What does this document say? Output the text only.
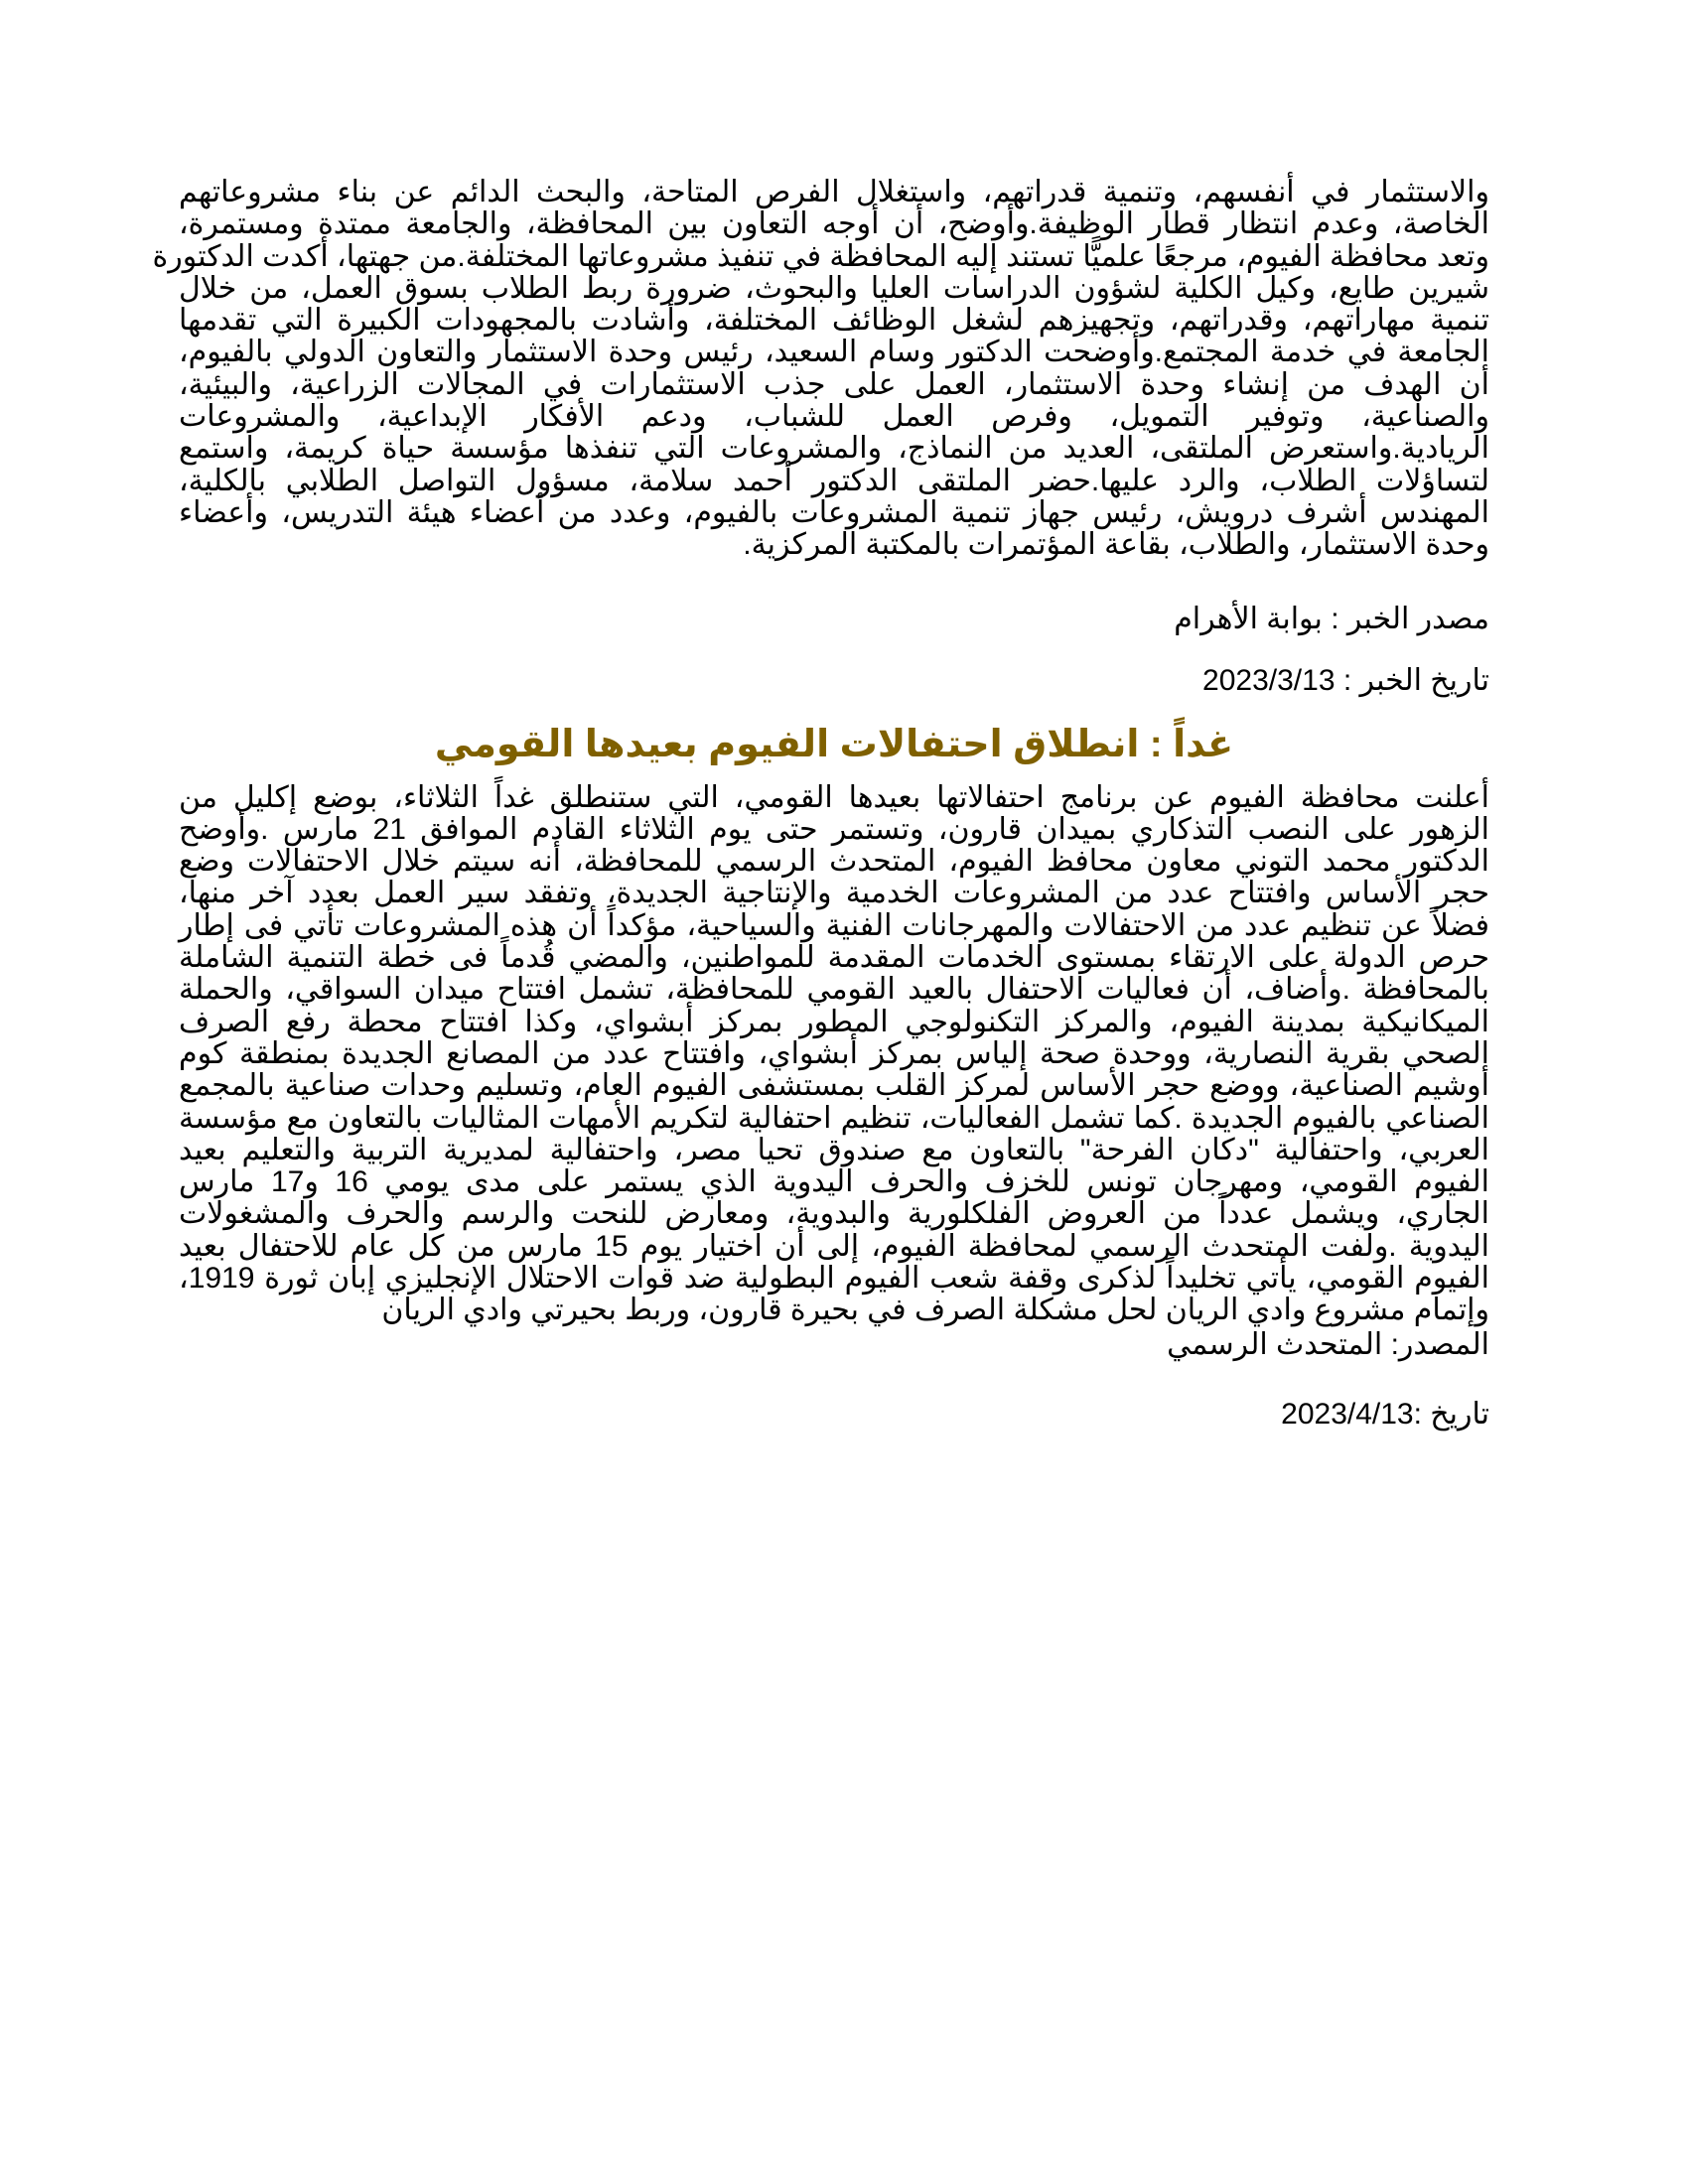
والاستثمار في أنفسهم، وتنمية قدراتهم، واستغلال الفرص المتاحة، والبحث الدائم عن بناء مشروعاتهم
الخاصة، وعدم انتظار قطار الوظيفة.وأوضح، أن أوجه التعاون بين المحافظة، والجامعة ممتدة ومستمرة،
وتعد محافظة الفيوم، مرجعًا علميًّا تستند إليه المحافظة في تنفيذ مشروعاتها المختلفة.من جهتها، أكدت الدكتورة
شيرين طايع، وكيل الكلية لشؤون الدراسات العليا والبحوث، ضرورة ربط الطلاب بسوق العمل، من خلال
تنمية مهاراتهم، وقدراتهم، وتجهيزهم لشغل الوظائف المختلفة، وأشادت بالمجهودات الكبيرة التي تقدمها
الجامعة في خدمة المجتمع.وأوضحت الدكتور وسام السعيد، رئيس وحدة الاستثمار والتعاون الدولي بالفيوم،
أن الهدف من إنشاء وحدة الاستثمار، العمل على جذب الاستثمارات في المجالات الزراعية، والبيئية،
والصناعية، وتوفير التمويل، وفرص العمل للشباب، ودعم الأفكار الإبداعية، والمشروعات
الريادية.واستعرض الملتقى، العديد من النماذج، والمشروعات التي تنفذها مؤسسة حياة كريمة، واستمع
لتساؤلات الطلاب، والرد عليها.حضر الملتقى الدكتور أحمد سلامة، مسؤول التواصل الطلابي بالكلية،
المهندس أشرف درويش، رئيس جهاز تنمية المشروعات بالفيوم، وعدد من أعضاء هيئة التدريس، وأعضاء
وحدة الاستثمار، والطلاب، بقاعة المؤتمرات بالمكتبة المركزية.

مصدر الخبر : بوابة الأهرام

تاريخ الخبر : 2023/3/13

غداً : انطلاق احتفالات الفيوم بعيدها القومي
أعلنت محافظة الفيوم عن برنامج احتفالاتها بعيدها القومي، التي ستنطلق غداً الثلاثاء، بوضع إكليل من
الزهور على النصب التذكاري بميدان قارون، وتستمر حتى يوم الثلاثاء القادم الموافق 21 مارس .وأوضح
الدكتور محمد التوني معاون محافظ الفيوم، المتحدث الرسمي للمحافظة، أنه سيتم خلال الاحتفالات وضع
حجر الأساس وافتتاح عدد من المشروعات الخدمية والإنتاجية الجديدة، وتفقد سير العمل بعدد آخر منها،
فضلاً عن تنظيم عدد من الاحتفالات والمهرجانات الفنية والسياحية، مؤكداً أن هذه المشروعات تأتي فى إطار
حرص الدولة على الارتقاء بمستوى الخدمات المقدمة للمواطنين، والمضي قُدماً فى خطة التنمية الشاملة
بالمحافظة .وأضاف، أن فعاليات الاحتفال بالعيد القومي للمحافظة، تشمل افتتاح ميدان السواقي، والحملة
الميكانيكية بمدينة الفيوم، والمركز التكنولوجي المطور بمركز أبشواي، وكذا افتتاح محطة رفع الصرف
الصحي بقرية النصارية، ووحدة صحة إلياس بمركز أبشواي، وافتتاح عدد من المصانع الجديدة بمنطقة كوم
أوشيم الصناعية، ووضع حجر الأساس لمركز القلب بمستشفى الفيوم العام، وتسليم وحدات صناعية بالمجمع
الصناعي بالفيوم الجديدة .كما تشمل الفعاليات، تنظيم احتفالية لتكريم الأمهات المثاليات بالتعاون مع مؤسسة
العربي، واحتفالية "دكان الفرحة" بالتعاون مع صندوق تحيا مصر، واحتفالية لمديرية التربية والتعليم بعيد
الفيوم القومي، ومهرجان تونس للخزف والحرف اليدوية الذي يستمر على مدى يومي 16 و17 مارس
الجاري، ويشمل عدداً من العروض الفلكلورية والبدوية، ومعارض للنحت والرسم والحرف والمشغولات
اليدوية .ولفت المتحدث الرسمي لمحافظة الفيوم، إلى أن اختيار يوم 15 مارس من كل عام للاحتفال بعيد
الفيوم القومي، يأتي تخليداً لذكرى وقفة شعب الفيوم البطولية ضد قوات الاحتلال الإنجليزي إبان ثورة 1919،
وإتمام مشروع وادي الريان لحل مشكلة الصرف في بحيرة قارون، وربط بحيرتي وادي الريان

المصدر: المتحدث الرسمي

تاريخ :2023/4/13
